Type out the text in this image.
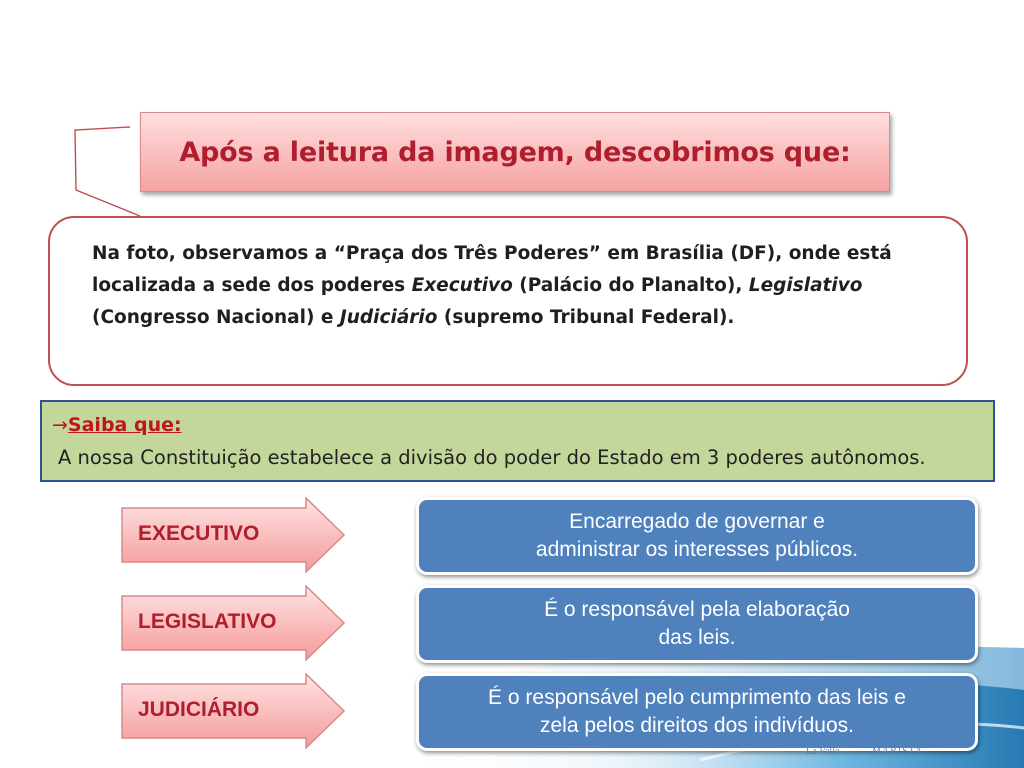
Após a leitura da imagem, descobrimos que:
Na foto, observamos a “Praça dos Três Poderes” em Brasília (DF), onde está
localizada a sede dos poderes Executivo (Palácio do Planalto), Legislativo
(Congresso Nacional) e Judiciário (supremo Tribunal Federal).
→Saiba que:
A nossa Constituição estabelece a divisão do poder do Estado em 3 poderes autônomos.
EXECUTIVO
LEGISLATIVO
JUDICIÁRIO
Encarregado de governar e
administrar os interesses públicos.
É o responsável pela elaboração
das leis.
É o responsável pelo cumprimento das leis e
zela pelos direitos dos indivíduos.
La Valle	MARISTA
